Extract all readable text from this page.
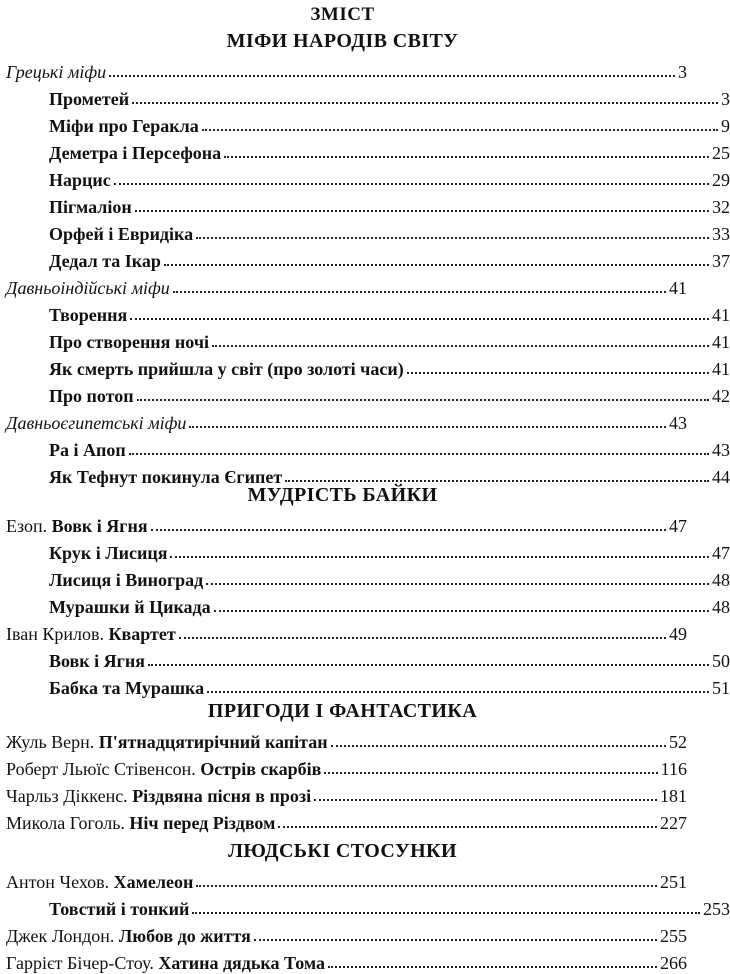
ЗМІСТ
МІФИ НАРОДІВ СВІТУ
Грецькі міфи	3
Прометей	3
Міфи про Геракла	9
Деметра і Персефона	25
Нарцис	29
Пігмаліон	32
Орфей і Евридіка	33
Дедал та Ікар	37
Давньоіндійські міфи	41
Творення	41
Про створення ночі	41
Як смерть прийшла у світ (про золоті часи)	41
Про потоп	42
Давньоєгипетські міфи	43
Ра і Апоп	43
Як Тефнут покинула Єгипет	44
МУДРІСТЬ БАЙКИ
Езоп. Вовк і Ягня	47
Крук і Лисиця	47
Лисиця і Виноград	48
Мурашки й Цикада	48
Іван Крилов. Квартет	49
Вовк і Ягня	50
Бабка та Мурашка	51
ПРИГОДИ І ФАНТАСТИКА
Жуль Верн. П'ятнадцятирічний капітан	52
Роберт Льюїс Стівенсон. Острів скарбів	116
Чарльз Діккенс. Різдвяна пісня в прозі	181
Микола Гоголь. Ніч перед Різдвом	227
ЛЮДСЬКІ СТОСУНКИ
Антон Чехов. Хамелеон	251
Товстий і тонкий	253
Джек Лондон. Любов до життя	255
Гаррієт Бічер-Стоу. Хатина дядька Тома	266
